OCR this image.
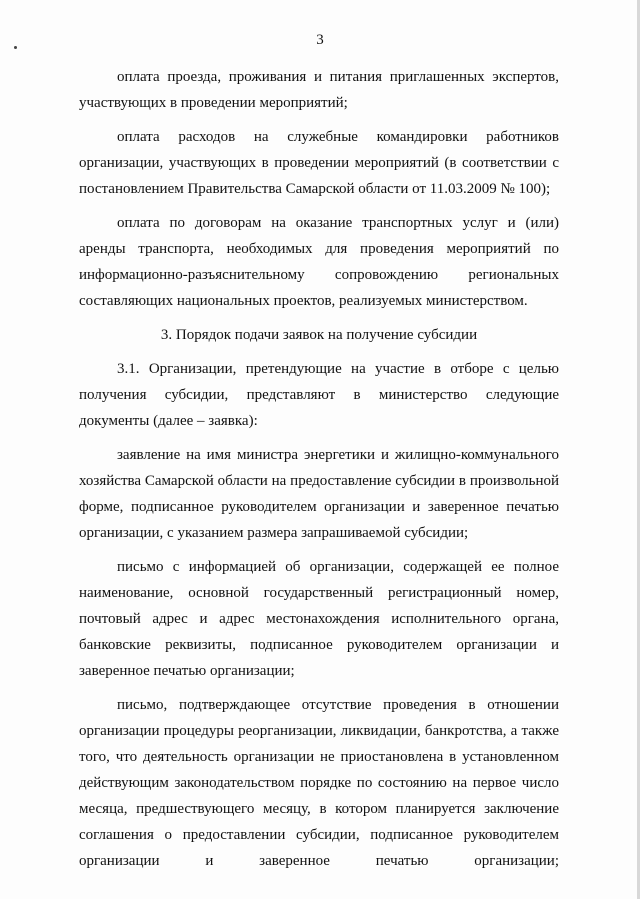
3

оплата проезда, проживания и питания приглашенных экспертов, участвующих в проведении мероприятий;

оплата расходов на служебные командировки работников организации, участвующих в проведении мероприятий (в соответствии с постановлением Правительства Самарской области от 11.03.2009 № 100);

оплата по договорам на оказание транспортных услуг и (или) аренды транспорта, необходимых для проведения мероприятий по информационно-разъяснительному сопровождению региональных составляющих национальных проектов, реализуемых министерством.

3. Порядок подачи заявок на получение субсидии

3.1. Организации, претендующие на участие в отборе с целью получения субсидии, представляют в министерство следующие документы (далее – заявка):

заявление на имя министра энергетики и жилищно-коммунального хозяйства Самарской области на предоставление субсидии в произвольной форме, подписанное руководителем организации и заверенное печатью организации, с указанием размера запрашиваемой субсидии;

письмо с информацией об организации, содержащей ее полное наименование, основной государственный регистрационный номер, почтовый адрес и адрес местонахождения исполнительного органа, банковские реквизиты, подписанное руководителем организации и заверенное печатью организации;

письмо, подтверждающее отсутствие проведения в отношении организации процедуры реорганизации, ликвидации, банкротства, а также того, что деятельность организации не приостановлена в установленном действующим законодательством порядке по состоянию на первое число месяца, предшествующего месяцу, в котором планируется заключение соглашения о предоставлении субсидии, подписанное руководителем организации и заверенное печатью организации;
